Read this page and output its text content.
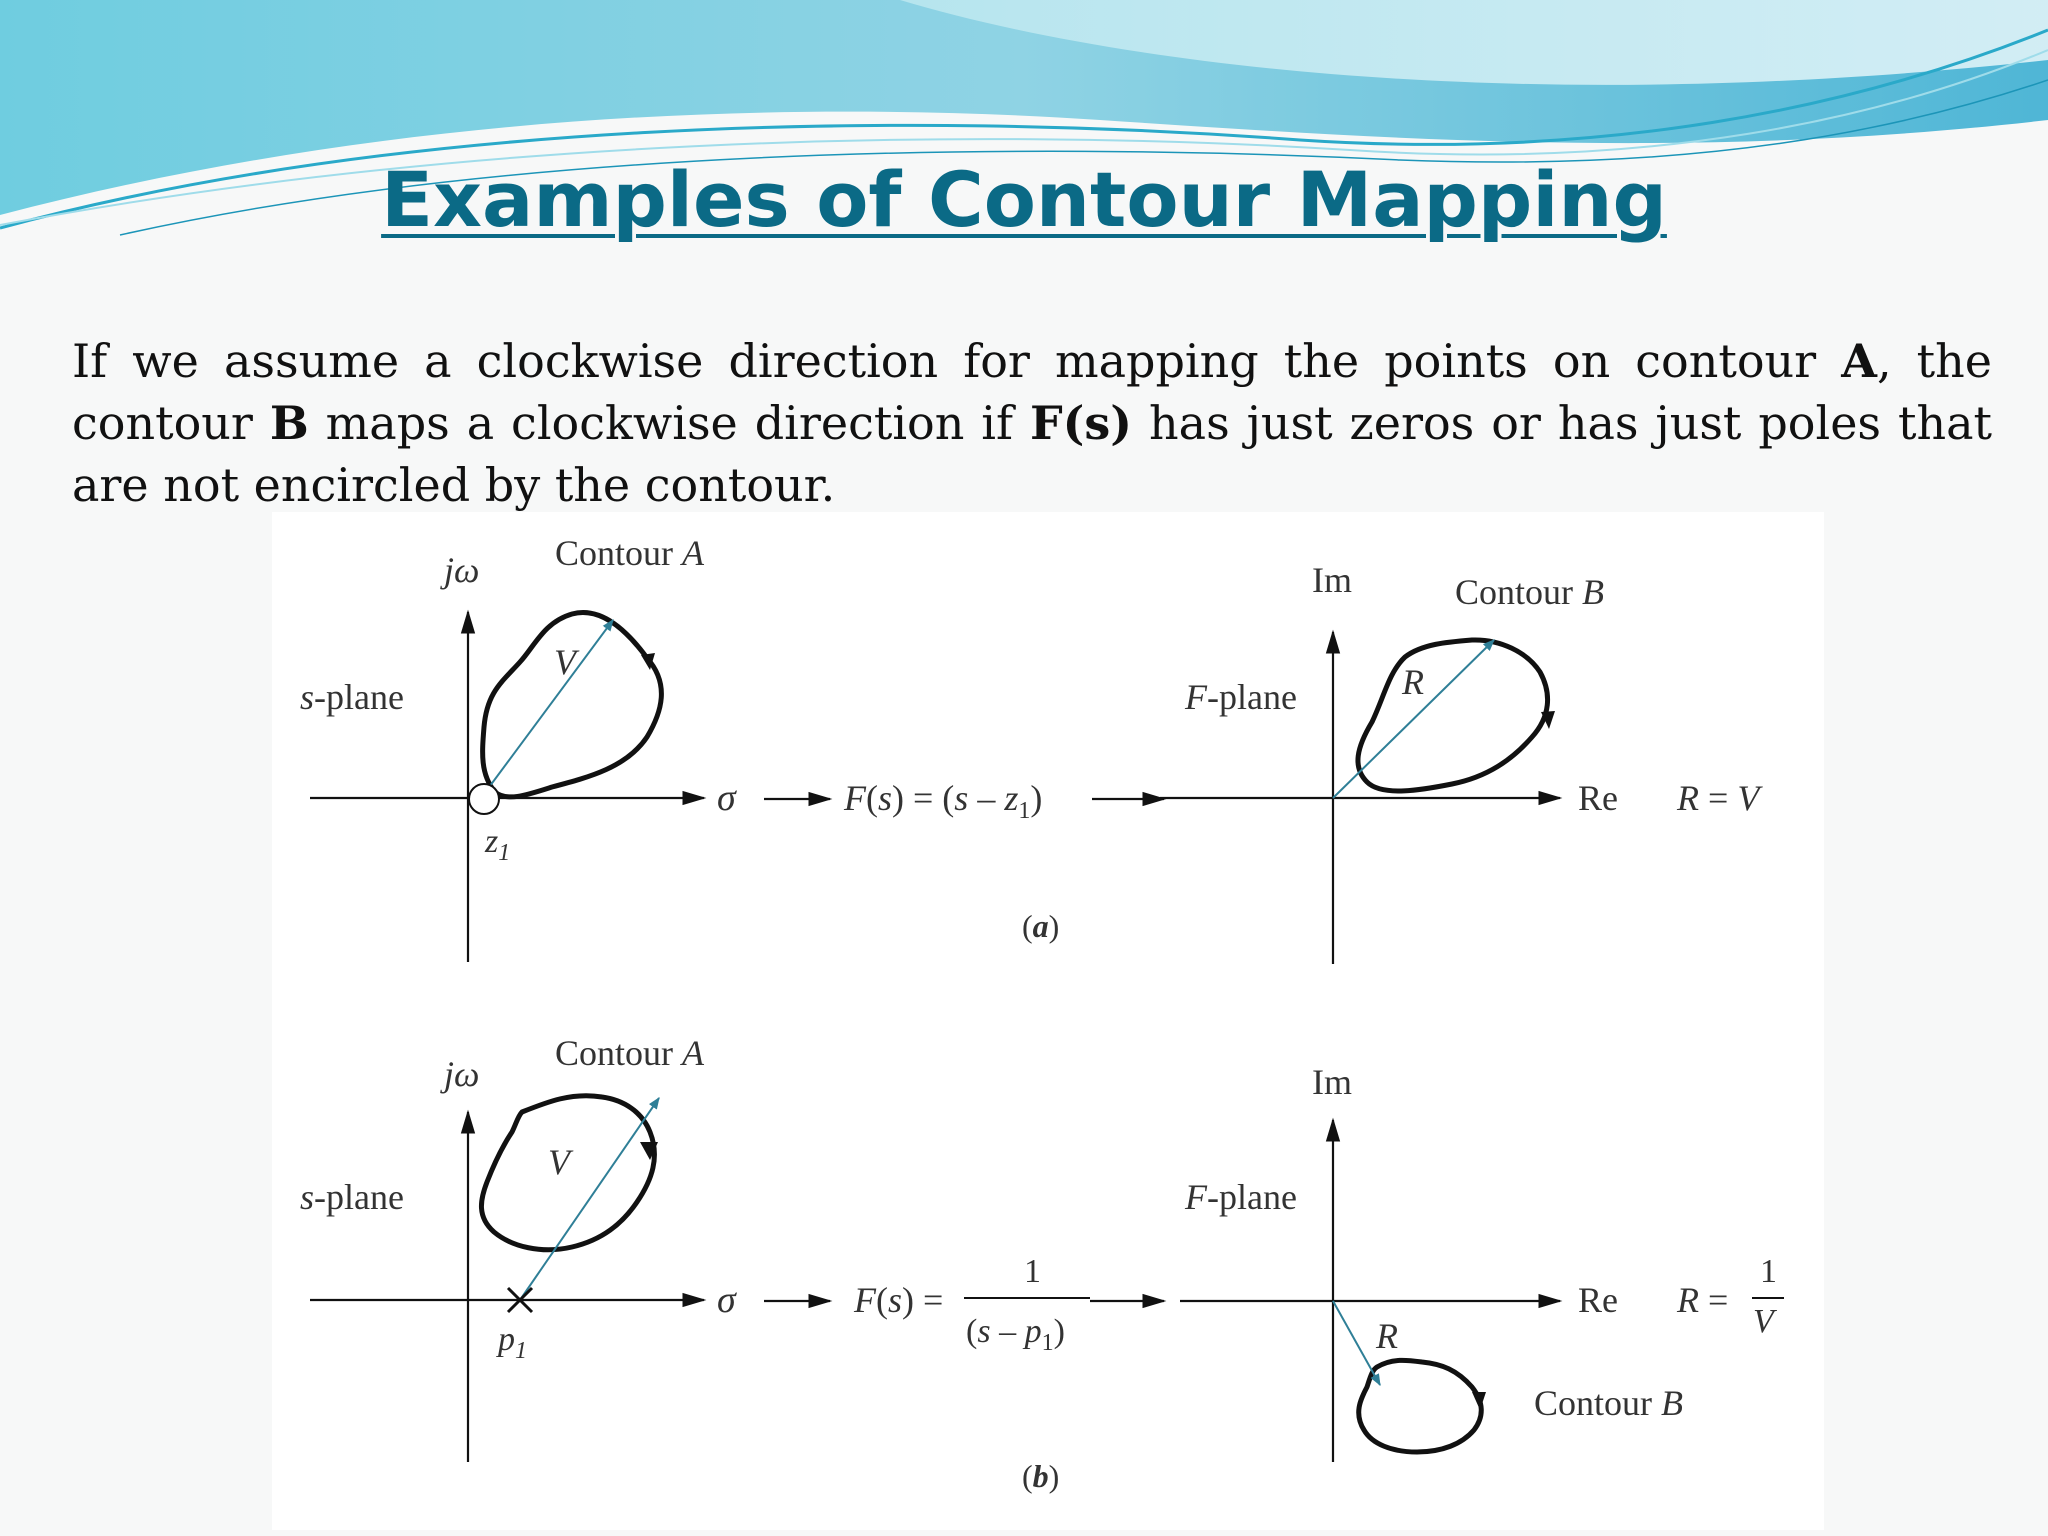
Examples of Contour Mapping
If we assume a clockwise direction for mapping the points on contour A, the contour B maps a clockwise direction if F(s) has just zeros or has just poles that are not encircled by the contour.
jω Contour A
V
s-plane
$z_1$
σ	$F(s) = (s - z_1)$
Im	Contour B
R
F-plane
Re R = V
(a)
jω
Contour A
V
s-plane
$p_1$
σ	F(s) =
1
$(s - p_1)$
Im
F-plane
Re
R
Contour B
R =
1
V
(b)
